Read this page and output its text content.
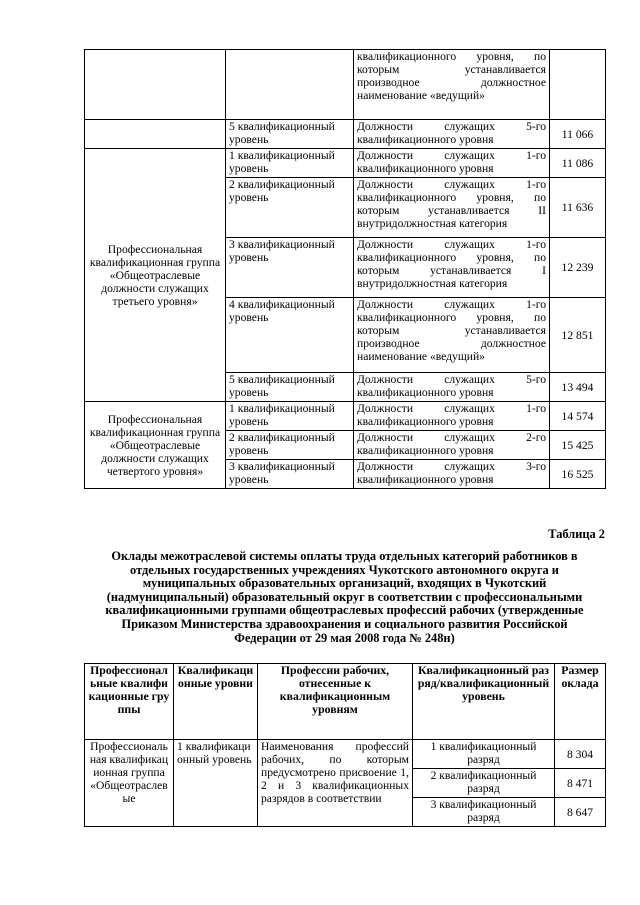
		квалификационного уровня, по которым устанавливается производное должностное наименование «ведущий»	
	5 квалификационный уровень	Должности служащих 5-го квалификационного уровня	11 066
Профессиональная квалификационная группа «Общеотраслевые должности служащих третьего уровня»	1 квалификационный уровень	Должности служащих 1-го квалификационного уровня	11 086
	2 квалификационный уровень	Должности служащих 1-го квалификационного уровня, по которым устанавливается II внутридолжностная категория	11 636
	3 квалификационный уровень	Должности служащих 1-го квалификационного уровня, по которым устанавливается I внутридолжностная категория	12 239
	4 квалификационный уровень	Должности служащих 1-го квалификационного уровня, по которым устанавливается производное должностное наименование «ведущий»	12 851
	5 квалификационный уровень	Должности служащих 5-го квалификационного уровня	13 494
Профессиональная квалификационная группа «Общеотраслевые должности служащих четвертого уровня»	1 квалификационный уровень	Должности служащих 1-го квалификационного уровня	14 574
	2 квалификационный уровень	Должности служащих 2-го квалификационного уровня	15 425
	3 квалификационный уровень	Должности служащих 3-го квалификационного уровня	16 525
Таблица 2
Оклады межотраслевой системы оплаты труда отдельных категорий работников в
отдельных государственных учреждениях Чукотского автономного округа и
муниципальных образовательных организаций, входящих в Чукотский
(надмуниципальный) образовательный округ в соответствии с профессиональными
квалификационными группами общеотраслевых профессий рабочих (утвержденные
Приказом Министерства здравоохранения и социального развития Российской
Федерации от 29 мая 2008 года № 248н)
Профессиональные квалификационные группы	Квалификационные уровни	Профессии рабочих, отнесенные к квалификационным уровням	Квалификационный разряд/квалификационный уровень	Размер оклада
Профессиональная квалификационная группа «Общеотраслевые	1 квалификационный уровень	Наименования профессий рабочих, по которым предусмотрено присвоение 1, 2 и 3 квалификационных разрядов в соответствии	1 квалификационный разряд	8 304
			2 квалификационный разряд	8 471
			3 квалификационный разряд	8 647
